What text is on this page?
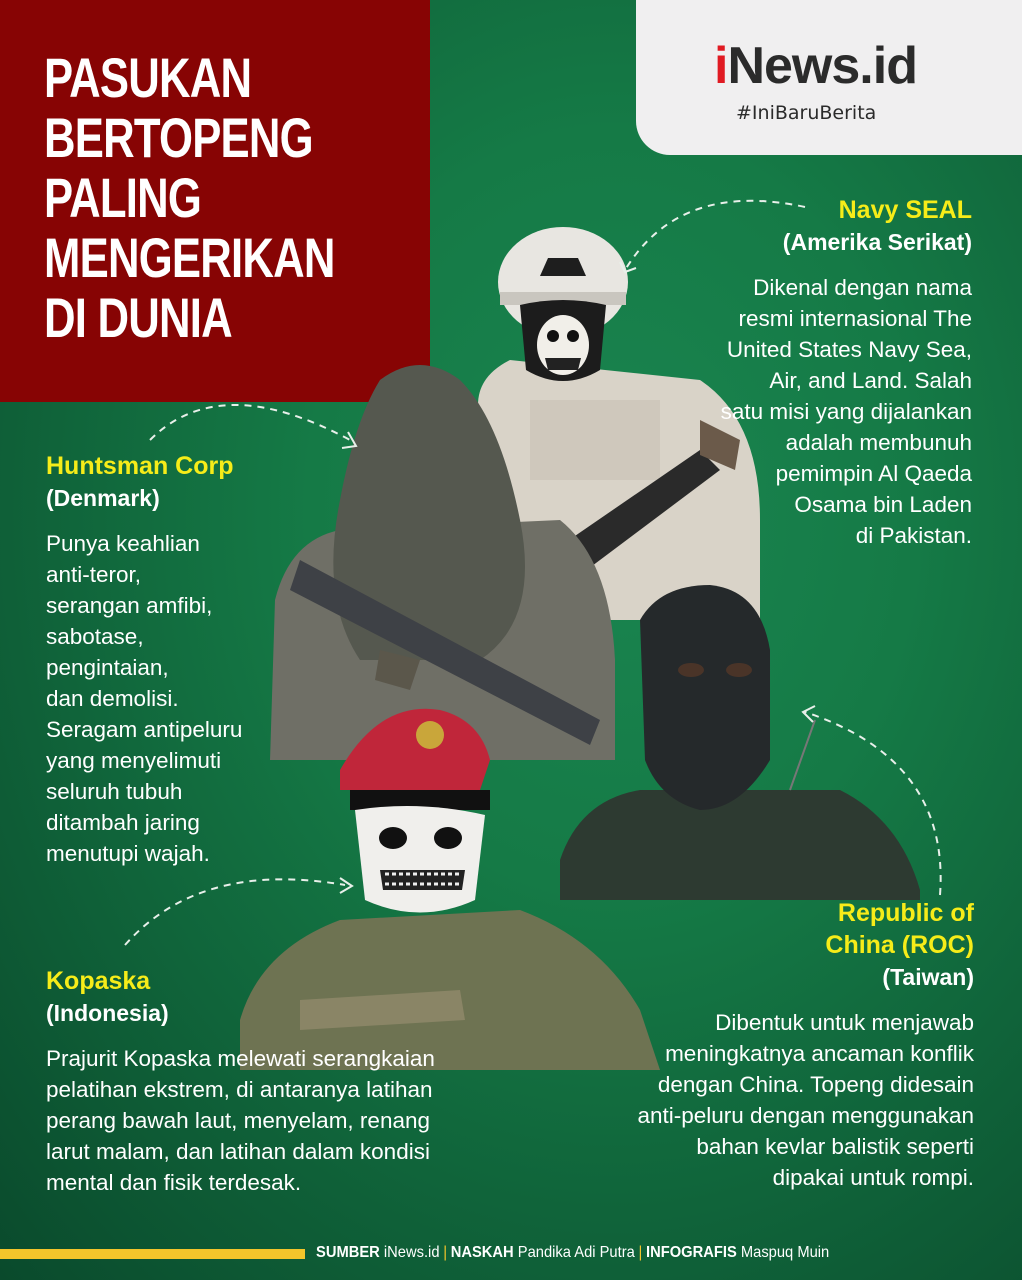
PASUKAN
BERTOPENG
PALING
MENGERIKAN
DI DUNIA
iNews.id
#IniBaruBerita
Navy SEAL
(Amerika Serikat)
Dikenal dengan nama
resmi internasional The
United States Navy Sea,
Air, and Land. Salah
satu misi yang dijalankan
adalah membunuh
pemimpin Al Qaeda
Osama bin Laden
di Pakistan.
Huntsman Corp
(Denmark)
Punya keahlian
anti-teror,
serangan amfibi,
sabotase,
pengintaian,
dan demolisi.
Seragam antipeluru
yang menyelimuti
seluruh tubuh
ditambah jaring
menutupi wajah.
Kopaska
(Indonesia)
Prajurit Kopaska melewati serangkaian
pelatihan ekstrem, di antaranya latihan
perang bawah laut, menyelam, renang
larut malam, dan latihan dalam kondisi
mental dan fisik terdesak.
Republic of
China (ROC)
(Taiwan)
Dibentuk untuk menjawab
meningkatnya ancaman konflik
dengan China. Topeng didesain
anti-peluru dengan menggunakan
bahan kevlar balistik seperti
dipakai untuk rompi.
SUMBER iNews.id | NASKAH Pandika Adi Putra | INFOGRAFIS Maspuq Muin
